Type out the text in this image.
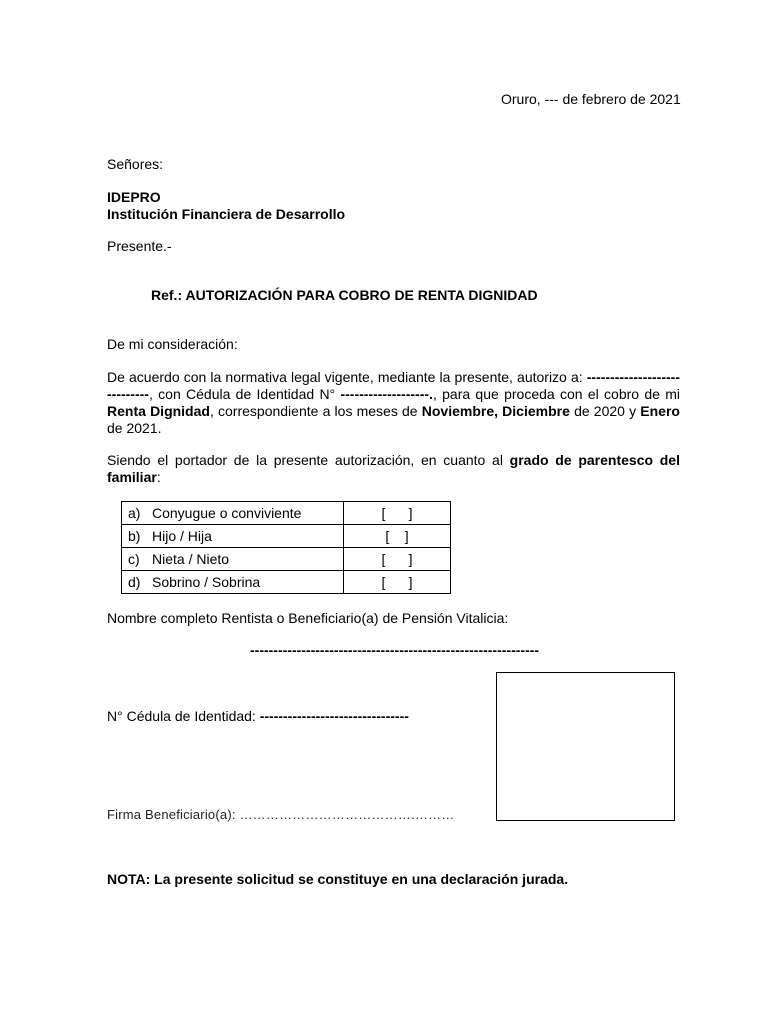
Oruro, --- de febrero de 2021
Señores:
IDEPRO
Institución Financiera de Desarrollo
Presente.-
Ref.: AUTORIZACIÓN PARA COBRO DE RENTA DIGNIDAD
De mi consideración:
De acuerdo con la normativa legal vigente, mediante la presente, autorizo a: -----------------------------, con Cédula de Identidad N° -------------------., para que proceda con el cobro de mi Renta Dignidad, correspondiente a los meses de Noviembre, Diciembre de 2020 y Enero de 2021.
Siendo el portador de la presente autorización, en cuanto al grado de parentesco del familiar:
a) Conyugue o conviviente	[      ]
b) Hijo / Hija	[    ]
c) Nieta / Nieto	[      ]
d) Sobrino / Sobrina	[      ]
Nombre completo Rentista o Beneficiario(a) de Pensión Vitalicia:
--------------------------------------------------------------
N° Cédula de Identidad: --------------------------------
Firma Beneficiario(a): ………………………………….………
NOTA: La presente solicitud se constituye en una declaración jurada.
